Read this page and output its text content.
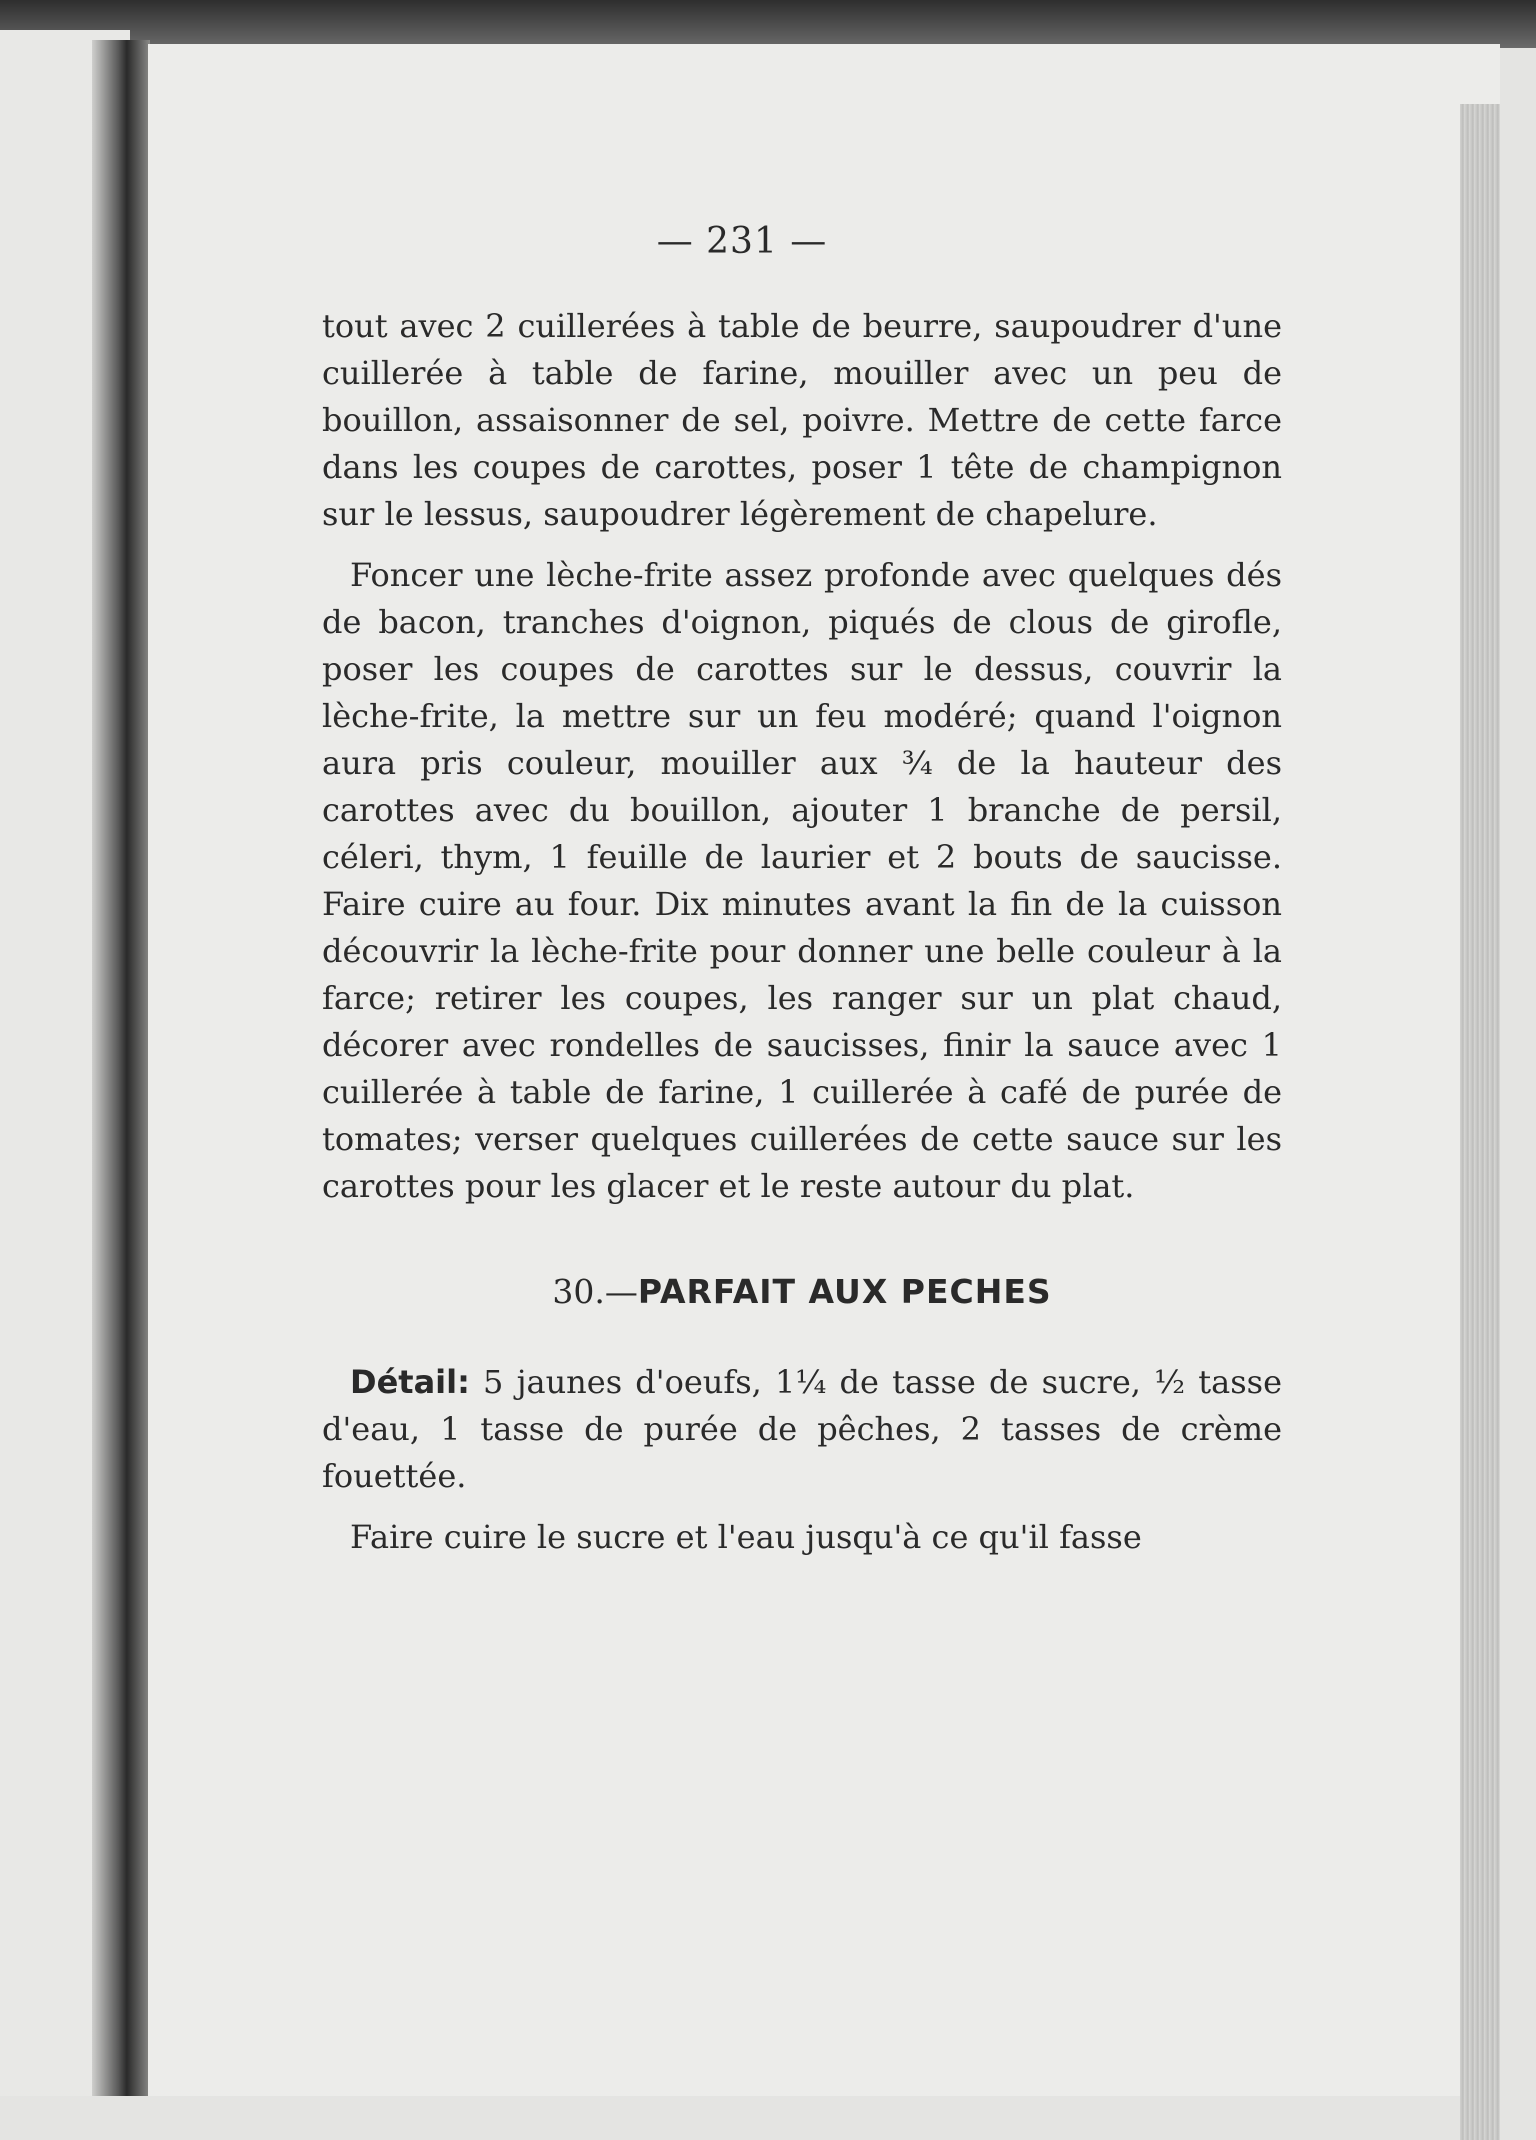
— 231 —

tout avec 2 cuillerées à table de beurre, saupoudrer d'une cuillerée à table de farine, mouiller avec un peu de bouillon, assaisonner de sel, poivre. Mettre de cette farce dans les coupes de carottes, poser 1 tête de champignon sur le lessus, saupoudrer légèrement de chapelure.

Foncer une lèche-frite assez profonde avec quelques dés de bacon, tranches d'oignon, piqués de clous de girofle, poser les coupes de carottes sur le dessus, couvrir la lèche-frite, la mettre sur un feu modéré; quand l'oignon aura pris couleur, mouiller aux ¾ de la hauteur des carottes avec du bouillon, ajouter 1 branche de persil, céleri, thym, 1 feuille de laurier et 2 bouts de saucisse. Faire cuire au four. Dix minutes avant la fin de la cuisson découvrir la lèche-frite pour donner une belle couleur à la farce; retirer les coupes, les ranger sur un plat chaud, décorer avec rondelles de saucisses, finir la sauce avec 1 cuillerée à table de farine, 1 cuillerée à café de purée de tomates; verser quelques cuillerées de cette sauce sur les carottes pour les glacer et le reste autour du plat.

30.—PARFAIT AUX PECHES

Détail: 5 jaunes d'oeufs, 1¼ de tasse de sucre, ½ tasse d'eau, 1 tasse de purée de pêches, 2 tasses de crème fouettée.

Faire cuire le sucre et l'eau jusqu'à ce qu'il fasse
